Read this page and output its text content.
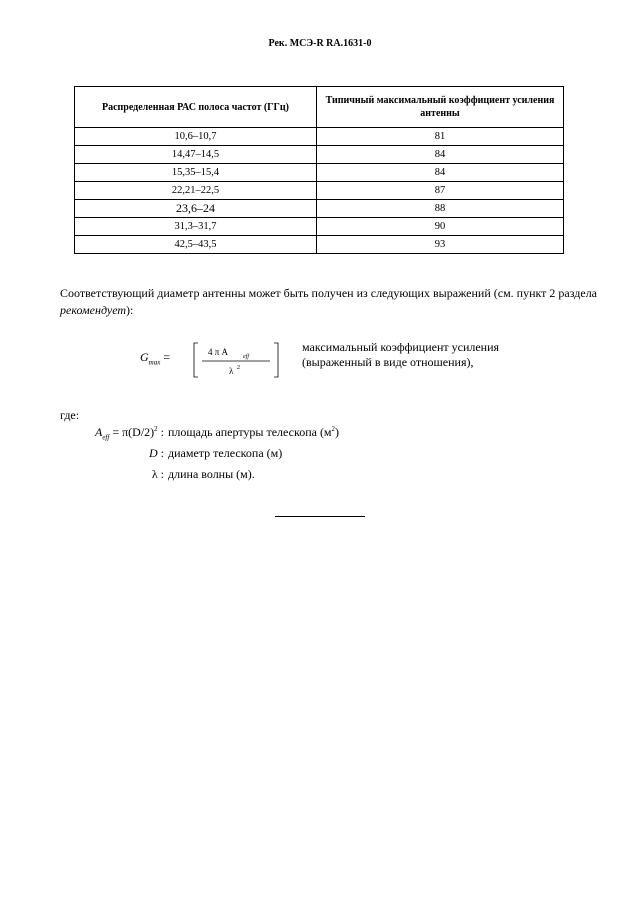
Рек. МСЭ-R RA.1631-0
Распределенная РАС полоса частот (ГГц)	Типичный максимальный коэффициент усиления антенны
10,6–10,7	81
14,47–14,5	84
15,35–15,4	84
22,21–22,5	87
23,6–24	88
31,3–31,7	90
42,5–43,5	93
Соответствующий диаметр антенны может быть получен из следующих выражений (см. пункт 2 раздела рекомендует):
$G_{max}$ =	4 π A eff
λ 2
максимальный коэффициент усиления
(выраженный в виде отношения),
где:
$A_{eff} = \pi(D/2)^2$ : площадь апертуры телескопа $(м^2)$
D : диаметр телескопа (м)
λ : длина волны (м).
